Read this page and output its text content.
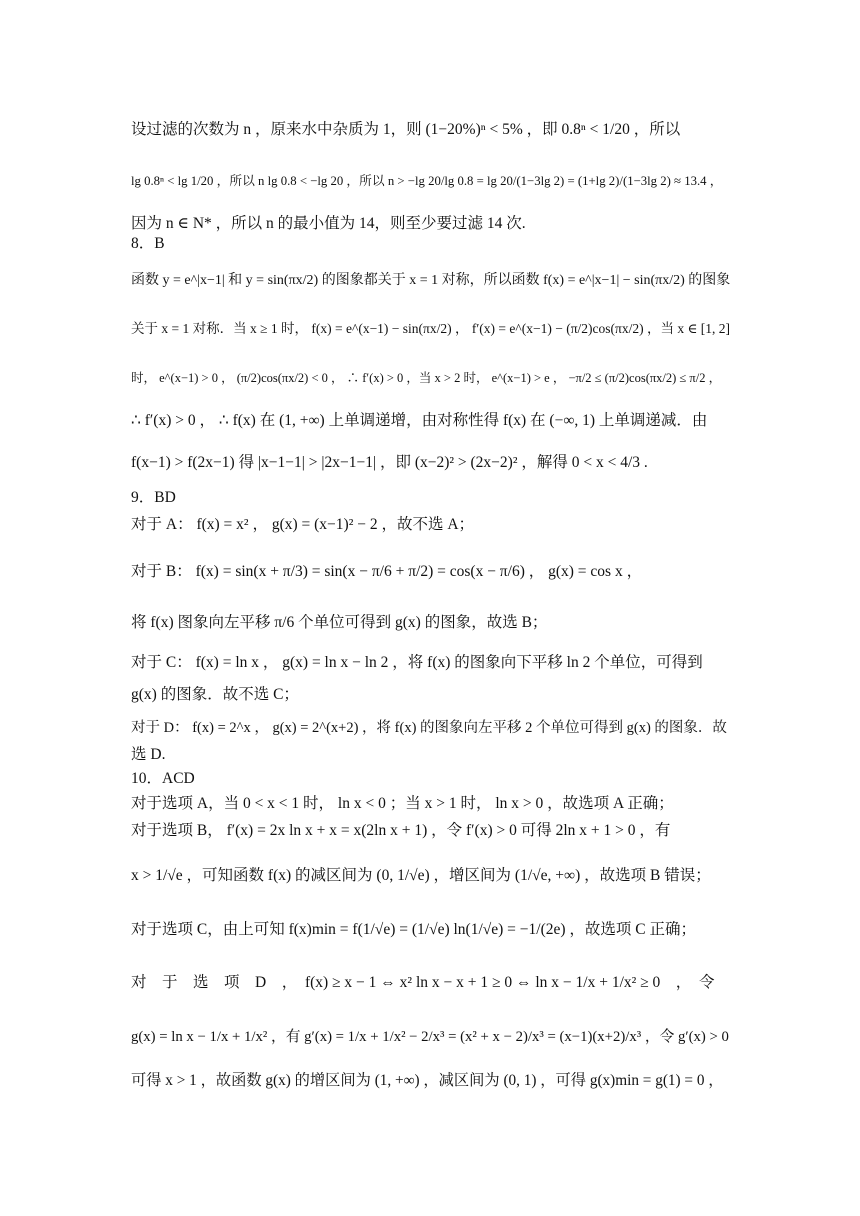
设过滤的次数为 n ，原来水中杂质为 1，则 (1−20%)ⁿ < 5% ，即 0.8ⁿ < 1/20 ，所以
lg 0.8ⁿ < lg 1/20 ，所以 n lg 0.8 < −lg 20 ，所以 n > −lg 20/lg 0.8 = lg 20/(1−3lg 2) = (1+lg 2)/(1−3lg 2) ≈ 13.4 ，
因为 n ∈ N* ，所以 n 的最小值为 14，则至少要过滤 14 次.
8．B
函数 y = e^|x−1| 和 y = sin(πx/2) 的图象都关于 x = 1 对称，所以函数 f(x) = e^|x−1| − sin(πx/2) 的图象
关于 x = 1 对称．当 x ≥ 1 时， f(x) = e^(x−1) − sin(πx/2) ， f′(x) = e^(x−1) − (π/2)cos(πx/2) ，当 x ∈ [1, 2]
时， e^(x−1) > 0 ， (π/2)cos(πx/2) < 0 ， ∴ f′(x) > 0 ，当 x > 2 时， e^(x−1) > e ， −π/2 ≤ (π/2)cos(πx/2) ≤ π/2 ，
∴ f′(x) > 0 ， ∴ f(x) 在 (1, +∞) 上单调递增，由对称性得 f(x) 在 (−∞, 1) 上单调递减．由
f(x−1) > f(2x−1) 得 |x−1−1| > |2x−1−1| ，即 (x−2)² > (2x−2)² ，解得 0 < x < 4/3 .
9．BD
对于 A： f(x) = x² ， g(x) = (x−1)² − 2 ，故不选 A；
对于 B： f(x) = sin(x + π/3) = sin(x − π/6 + π/2) = cos(x − π/6) ， g(x) = cos x ，
将 f(x) 图象向左平移 π/6 个单位可得到 g(x) 的图象，故选 B；
对于 C： f(x) = ln x ， g(x) = ln x − ln 2 ，将 f(x) 的图象向下平移 ln 2 个单位，可得到
g(x) 的图象．故不选 C；
对于 D： f(x) = 2^x ， g(x) = 2^(x+2) ，将 f(x) 的图象向左平移 2 个单位可得到 g(x) 的图象．故
选 D.
10．ACD
对于选项 A，当 0 < x < 1 时， ln x < 0 ；当 x > 1 时， ln x > 0 ，故选项 A 正确；
对于选项 B， f′(x) = 2x ln x + x = x(2ln x + 1) ，令 f′(x) > 0 可得 2ln x + 1 > 0 ，有
x > 1/√e ，可知函数 f(x) 的减区间为 (0, 1/√e) ，增区间为 (1/√e, +∞) ，故选项 B 错误；
对于选项 C，由上可知 f(x)min = f(1/√e) = (1/√e) ln(1/√e) = −1/(2e) ，故选项 C 正确；
对　于　选　项　D　，　f(x) ≥ x − 1 ⇔ x² ln x − x + 1 ≥ 0 ⇔ ln x − 1/x + 1/x² ≥ 0　，　令
g(x) = ln x − 1/x + 1/x² ，有 g′(x) = 1/x + 1/x² − 2/x³ = (x² + x − 2)/x³ = (x−1)(x+2)/x³ ，令 g′(x) > 0
可得 x > 1 ，故函数 g(x) 的增区间为 (1, +∞) ，减区间为 (0, 1) ，可得 g(x)min = g(1) = 0 ，
